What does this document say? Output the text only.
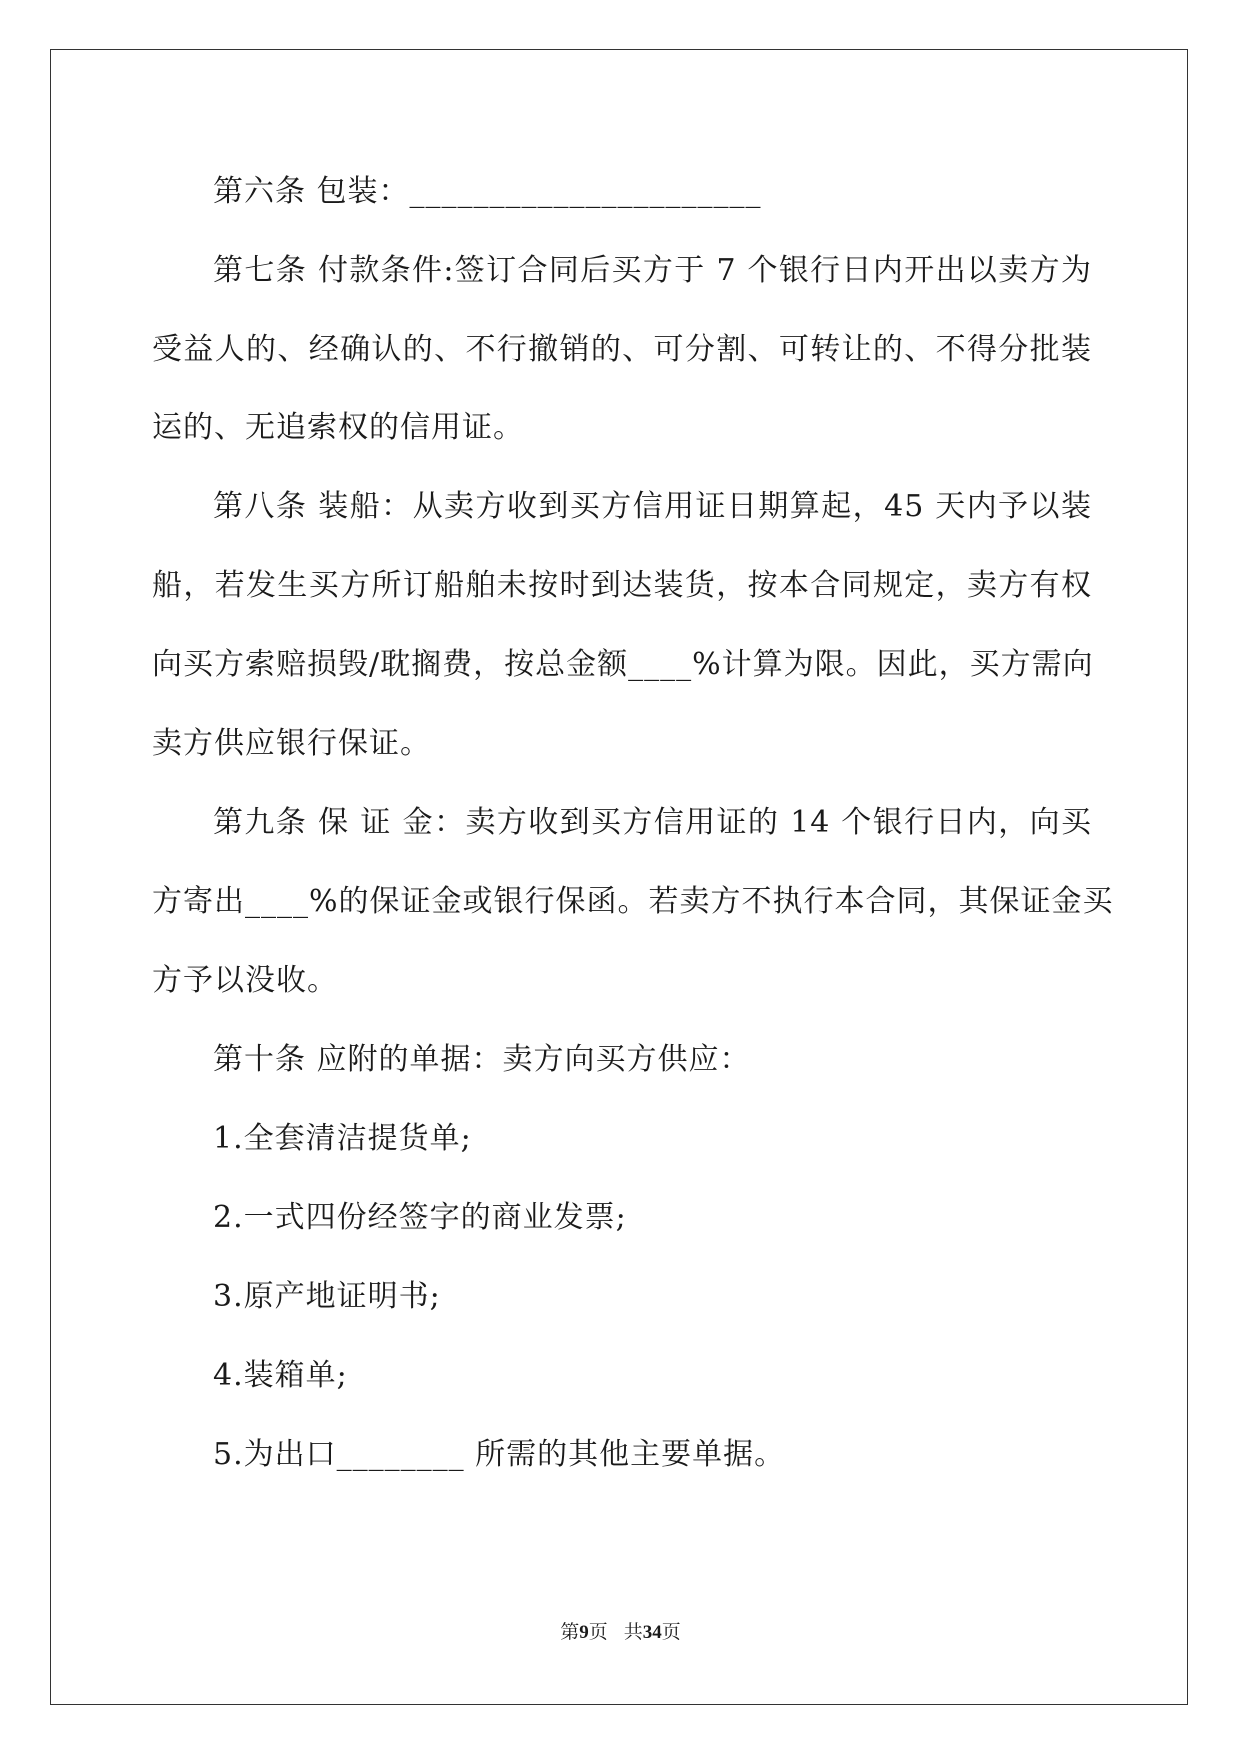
第六条 包装：______________________
第七条 付款条件:签订合同后买方于 7 个银行日内开出以卖方为
受益人的、经确认的、不行撤销的、可分割、可转让的、不得分批装
运的、无追索权的信用证。
第八条 装船：从卖方收到买方信用证日期算起，45 天内予以装
船，若发生买方所订船舶未按时到达装货，按本合同规定，卖方有权
向买方索赔损毁/耽搁费，按总金额____%计算为限。因此，买方需向
卖方供应银行保证。
第九条 保 证 金：卖方收到买方信用证的 14 个银行日内，向买
方寄出____%的保证金或银行保函。若卖方不执行本合同，其保证金买
方予以没收。
第十条 应附的单据：卖方向买方供应：
1.全套清洁提货单;
2.一式四份经签字的商业发票;
3.原产地证明书;
4.装箱单;
5.为出口________ 所需的其他主要单据。
第9页 共34页
